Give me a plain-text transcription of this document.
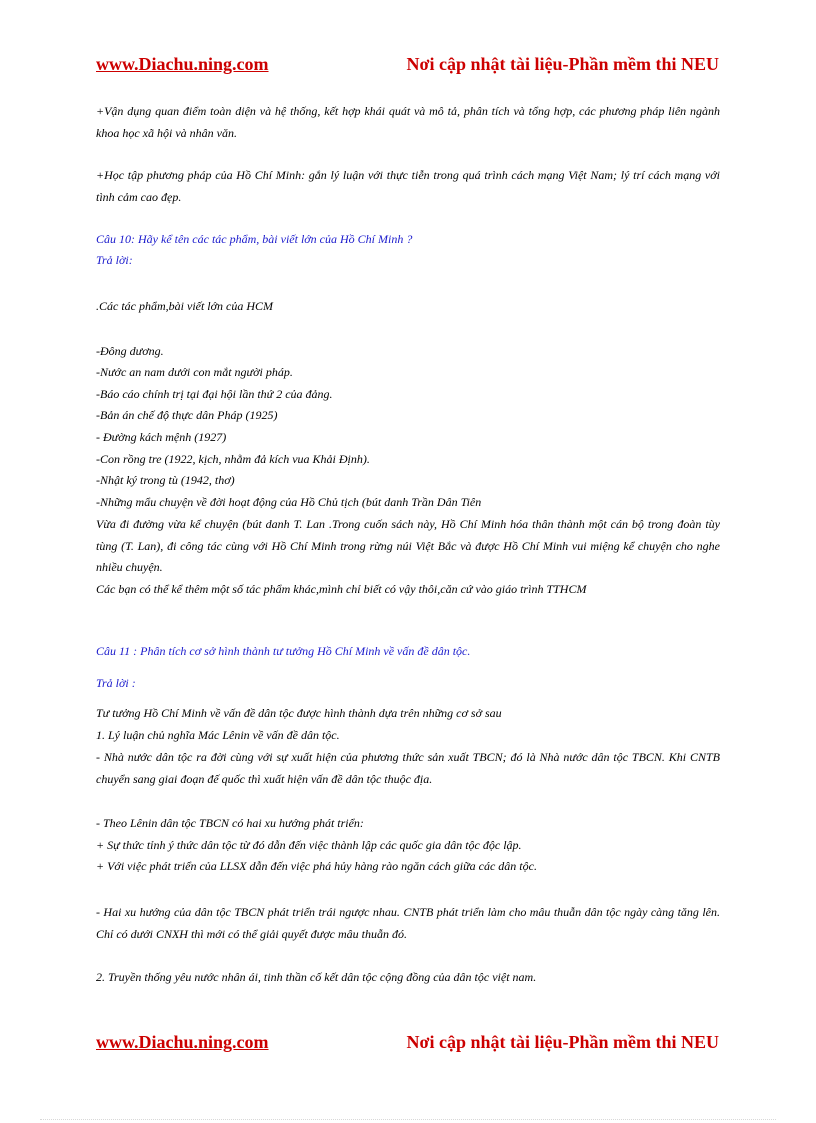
www.Diachu.ning.com	Nơi cập nhật tài liệu-Phần mềm thi NEU
+Vận dụng quan điểm toàn diện và hệ thống, kết hợp khái quát và mô tả, phân tích và tổng hợp, các phương pháp liên ngành khoa học xã hội và nhân văn.
+Học tập phương pháp của Hồ Chí Minh: gắn lý luận với thực tiễn trong quá trình cách mạng Việt Nam; lý trí cách mạng với tình cảm cao đẹp.
Câu 10: Hãy kể tên các tác phẩm, bài viết lớn của Hồ Chí Minh ?
Trả lời:
.Các tác phẩm,bài viết lớn của HCM
-Đông dương.
-Nước an nam dưới con mắt người pháp.
-Báo cáo chính trị tại đại hội lần thứ 2 của đảng.
-Bản án chế độ thực dân Pháp (1925)
- Đường kách mệnh (1927)
-Con rồng tre (1922, kịch, nhằm đả kích vua Khải Định).
-Nhật ký trong tù (1942, thơ)
-Những mẩu chuyện về đời hoạt động của Hồ Chủ tịch (bút danh Trần Dân Tiên
Vừa đi đường vừa kể chuyện (bút danh T. Lan .Trong cuốn sách này, Hồ Chí Minh hóa thân thành một cán bộ trong đoàn tùy tùng (T. Lan), đi công tác cùng với Hồ Chí Minh trong rừng núi Việt Bắc và được Hồ Chí Minh vui miệng kể chuyện cho nghe nhiều chuyện.
Các bạn có thể kể thêm một số tác phẩm khác,mình chỉ biết có vậy thôi,căn cứ vào giáo trình TTHCM
Câu 11 : Phân tích cơ sở hình thành tư tưởng Hồ Chí Minh về vấn đề dân tộc.
Trả lời :
Tư tưởng Hồ Chí Minh về vấn đề dân tộc được hình thành dựa trên những cơ sở sau
1. Lý luận chủ nghĩa Mác Lênin về vấn đề dân tộc.
- Nhà nước dân tộc ra đời cùng với sự xuất hiện của phương thức sản xuất TBCN; đó là Nhà nước dân tộc TBCN. Khi CNTB chuyển sang giai đoạn đế quốc thì xuất hiện vấn đề dân tộc thuộc địa.
- Theo Lênin dân tộc TBCN có hai xu hướng phát triển:
+ Sự thức tỉnh ý thức dân tộc từ đó dẫn đến việc thành lập các quốc gia dân tộc độc lập.
+ Với việc phát triển của LLSX dẫn đến việc phá hủy hàng rào ngăn cách giữa các dân tộc.
- Hai xu hướng của dân tộc TBCN phát triển trái ngược nhau. CNTB phát triển làm cho mâu thuẫn dân tộc ngày càng tăng lên. Chỉ có dưới CNXH thì mới có thể giải quyết được mâu thuẫn đó.
2. Truyền thống yêu nước nhân ái, tinh thần cố kết dân tộc cộng đồng của dân tộc việt nam.
www.Diachu.ning.com	Nơi cập nhật tài liệu-Phần mềm thi NEU
